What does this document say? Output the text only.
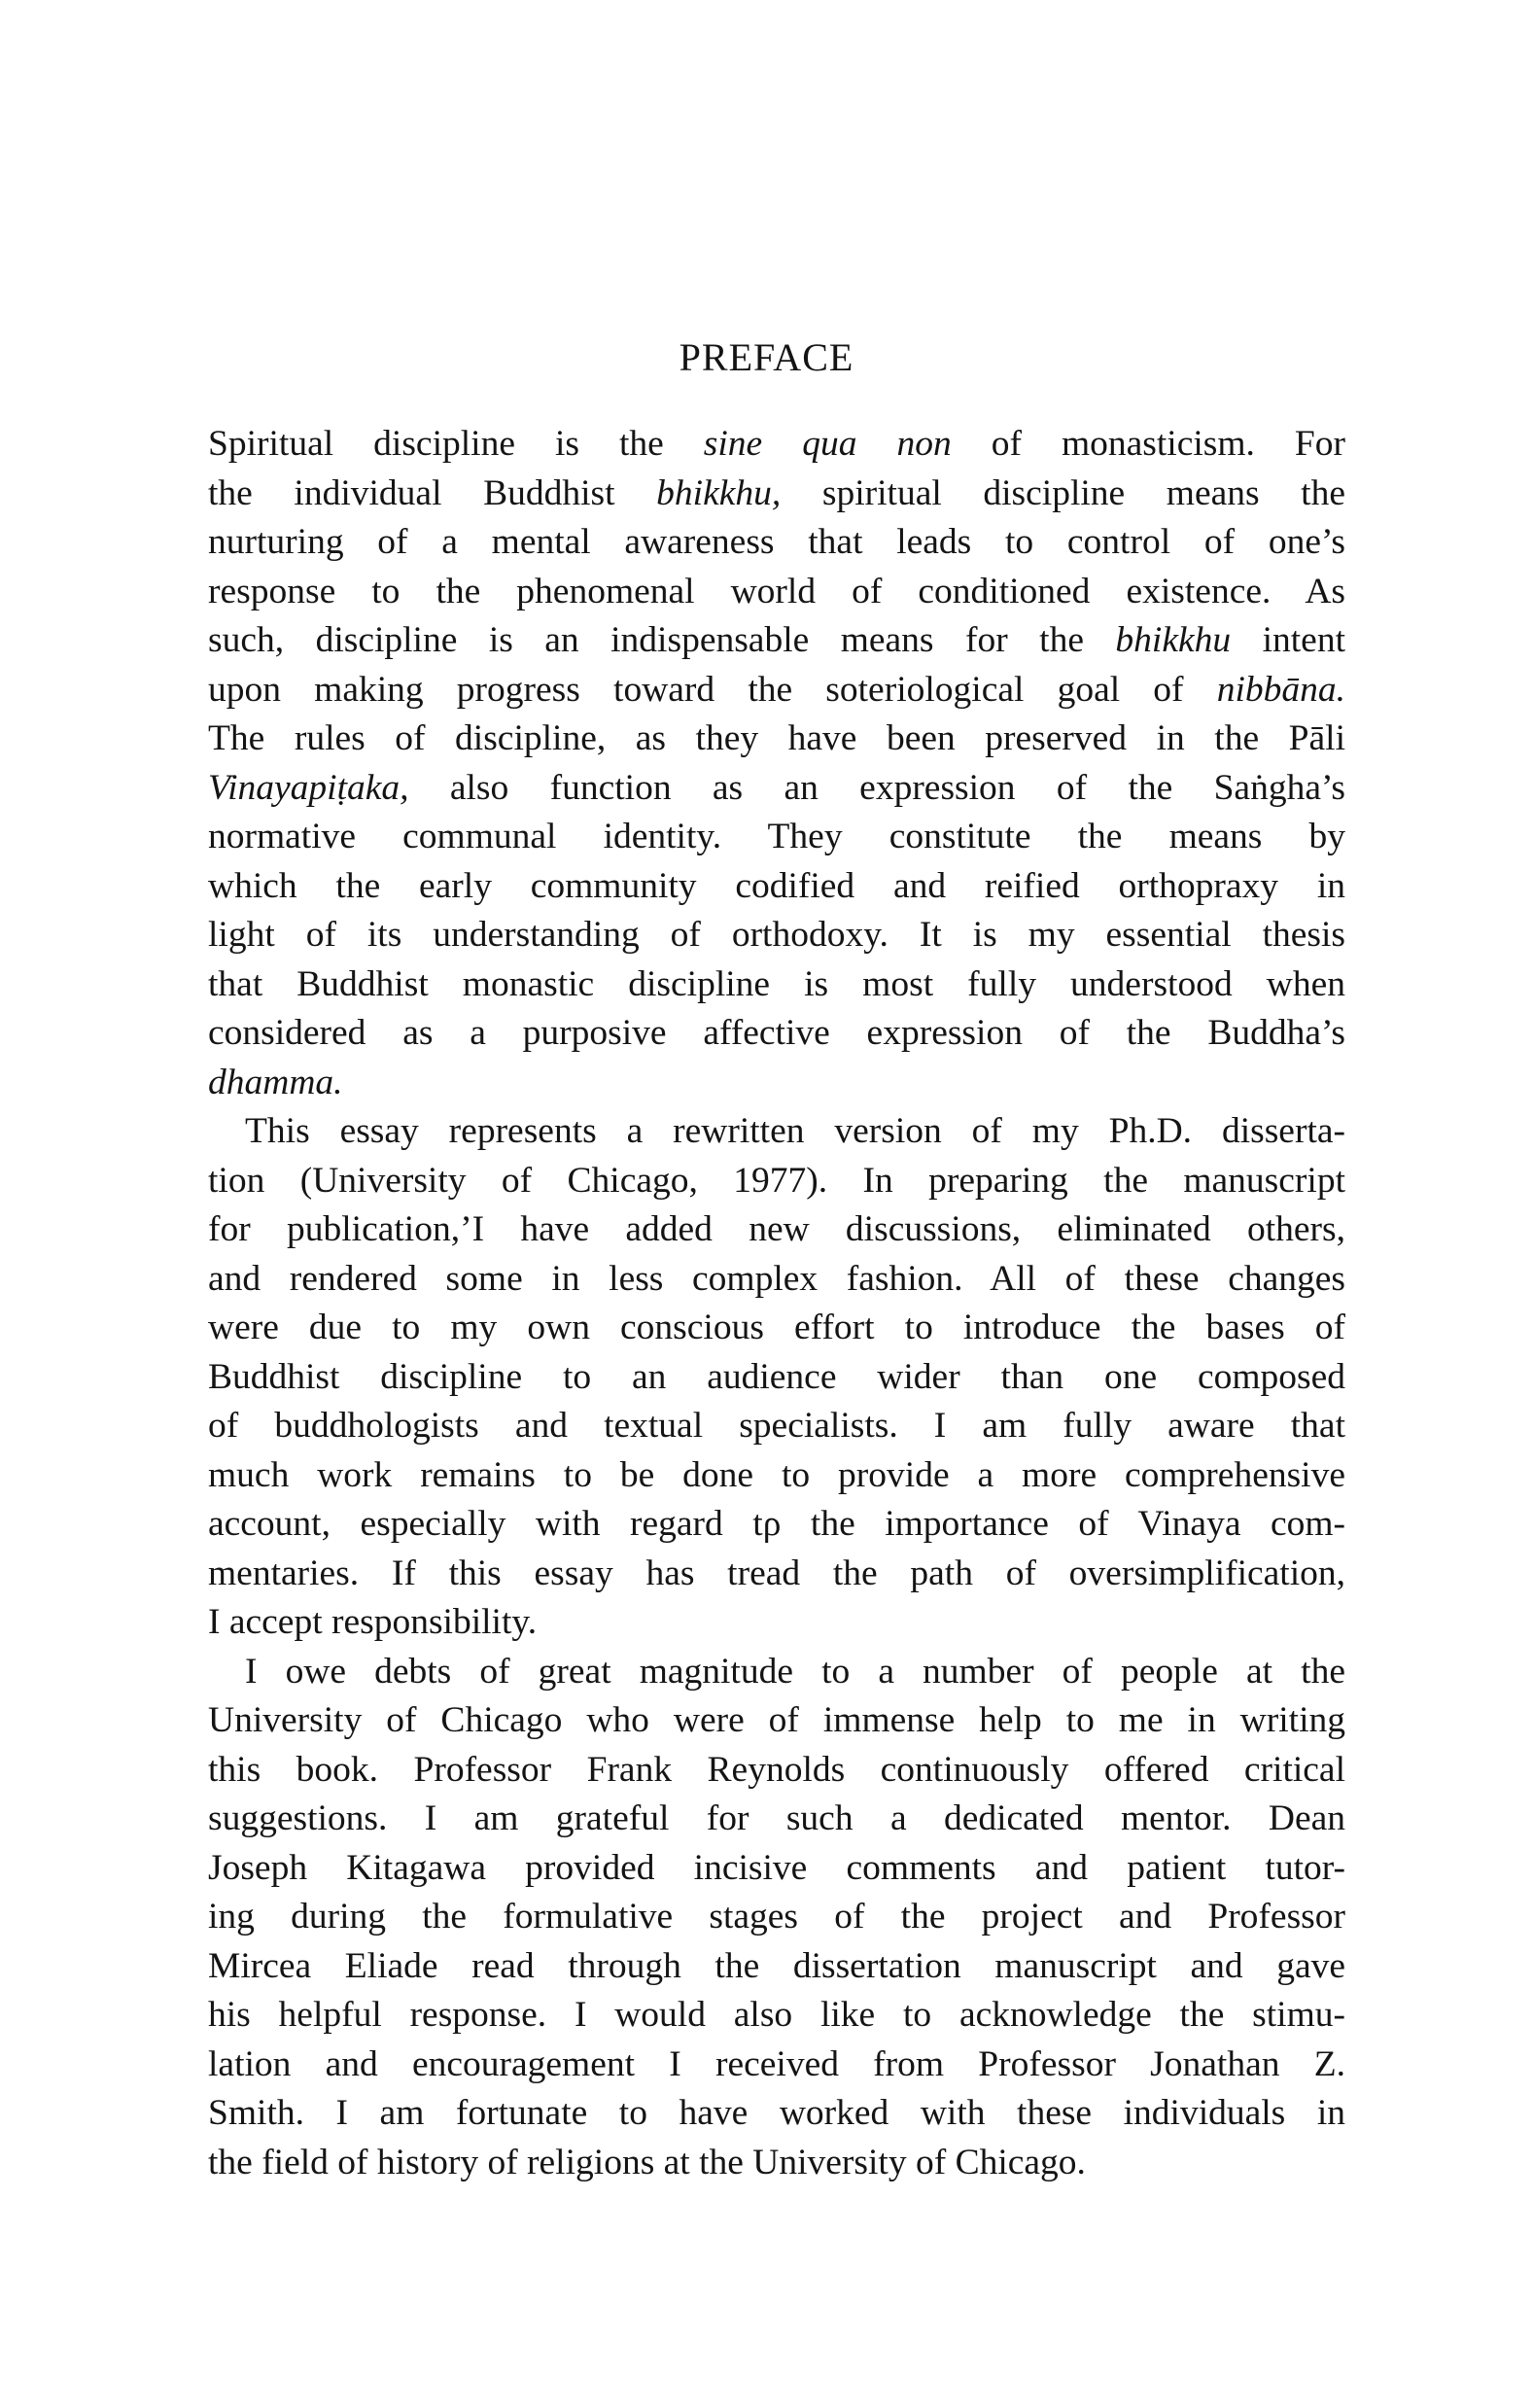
PREFACE
Spiritual discipline is the sine qua non of monasticism. For
the individual Buddhist bhikkhu, spiritual discipline means the
nurturing of a mental awareness that leads to control of one’s
response to the phenomenal world of conditioned existence. As
such, discipline is an indispensable means for the bhikkhu intent
upon making progress toward the soteriological goal of nibbāna.
The rules of discipline, as they have been preserved in the Pāli
Vinayapiṭaka, also function as an expression of the Saṅgha’s
normative communal identity. They constitute the means by
which the early community codified and reified orthopraxy in
light of its understanding of orthodoxy. It is my essential thesis
that Buddhist monastic discipline is most fully understood when
considered as a purposive affective expression of the Buddha’s
dhamma.
This essay represents a rewritten version of my Ph.D. disserta-
tion (University of Chicago, 1977). In preparing the manuscript
for publication,’I have added new discussions, eliminated others,
and rendered some in less complex fashion. All of these changes
were due to my own conscious effort to introduce the bases of
Buddhist discipline to an audience wider than one composed
of buddhologists and textual specialists. I am fully aware that
much work remains to be done to provide a more comprehensive
account, especially with regard tρ the importance of Vinaya com-
mentaries. If this essay has tread the path of oversimplification,
I accept responsibility.
I owe debts of great magnitude to a number of people at the
University of Chicago who were of immense help to me in writing
this book. Professor Frank Reynolds continuously offered critical
suggestions. I am grateful for such a dedicated mentor. Dean
Joseph Kitagawa provided incisive comments and patient tutor-
ing during the formulative stages of the project and Professor
Mircea Eliade read through the dissertation manuscript and gave
his helpful response. I would also like to acknowledge the stimu-
lation and encouragement I received from Professor Jonathan Z.
Smith. I am fortunate to have worked with these individuals in
the field of history of religions at the University of Chicago.
